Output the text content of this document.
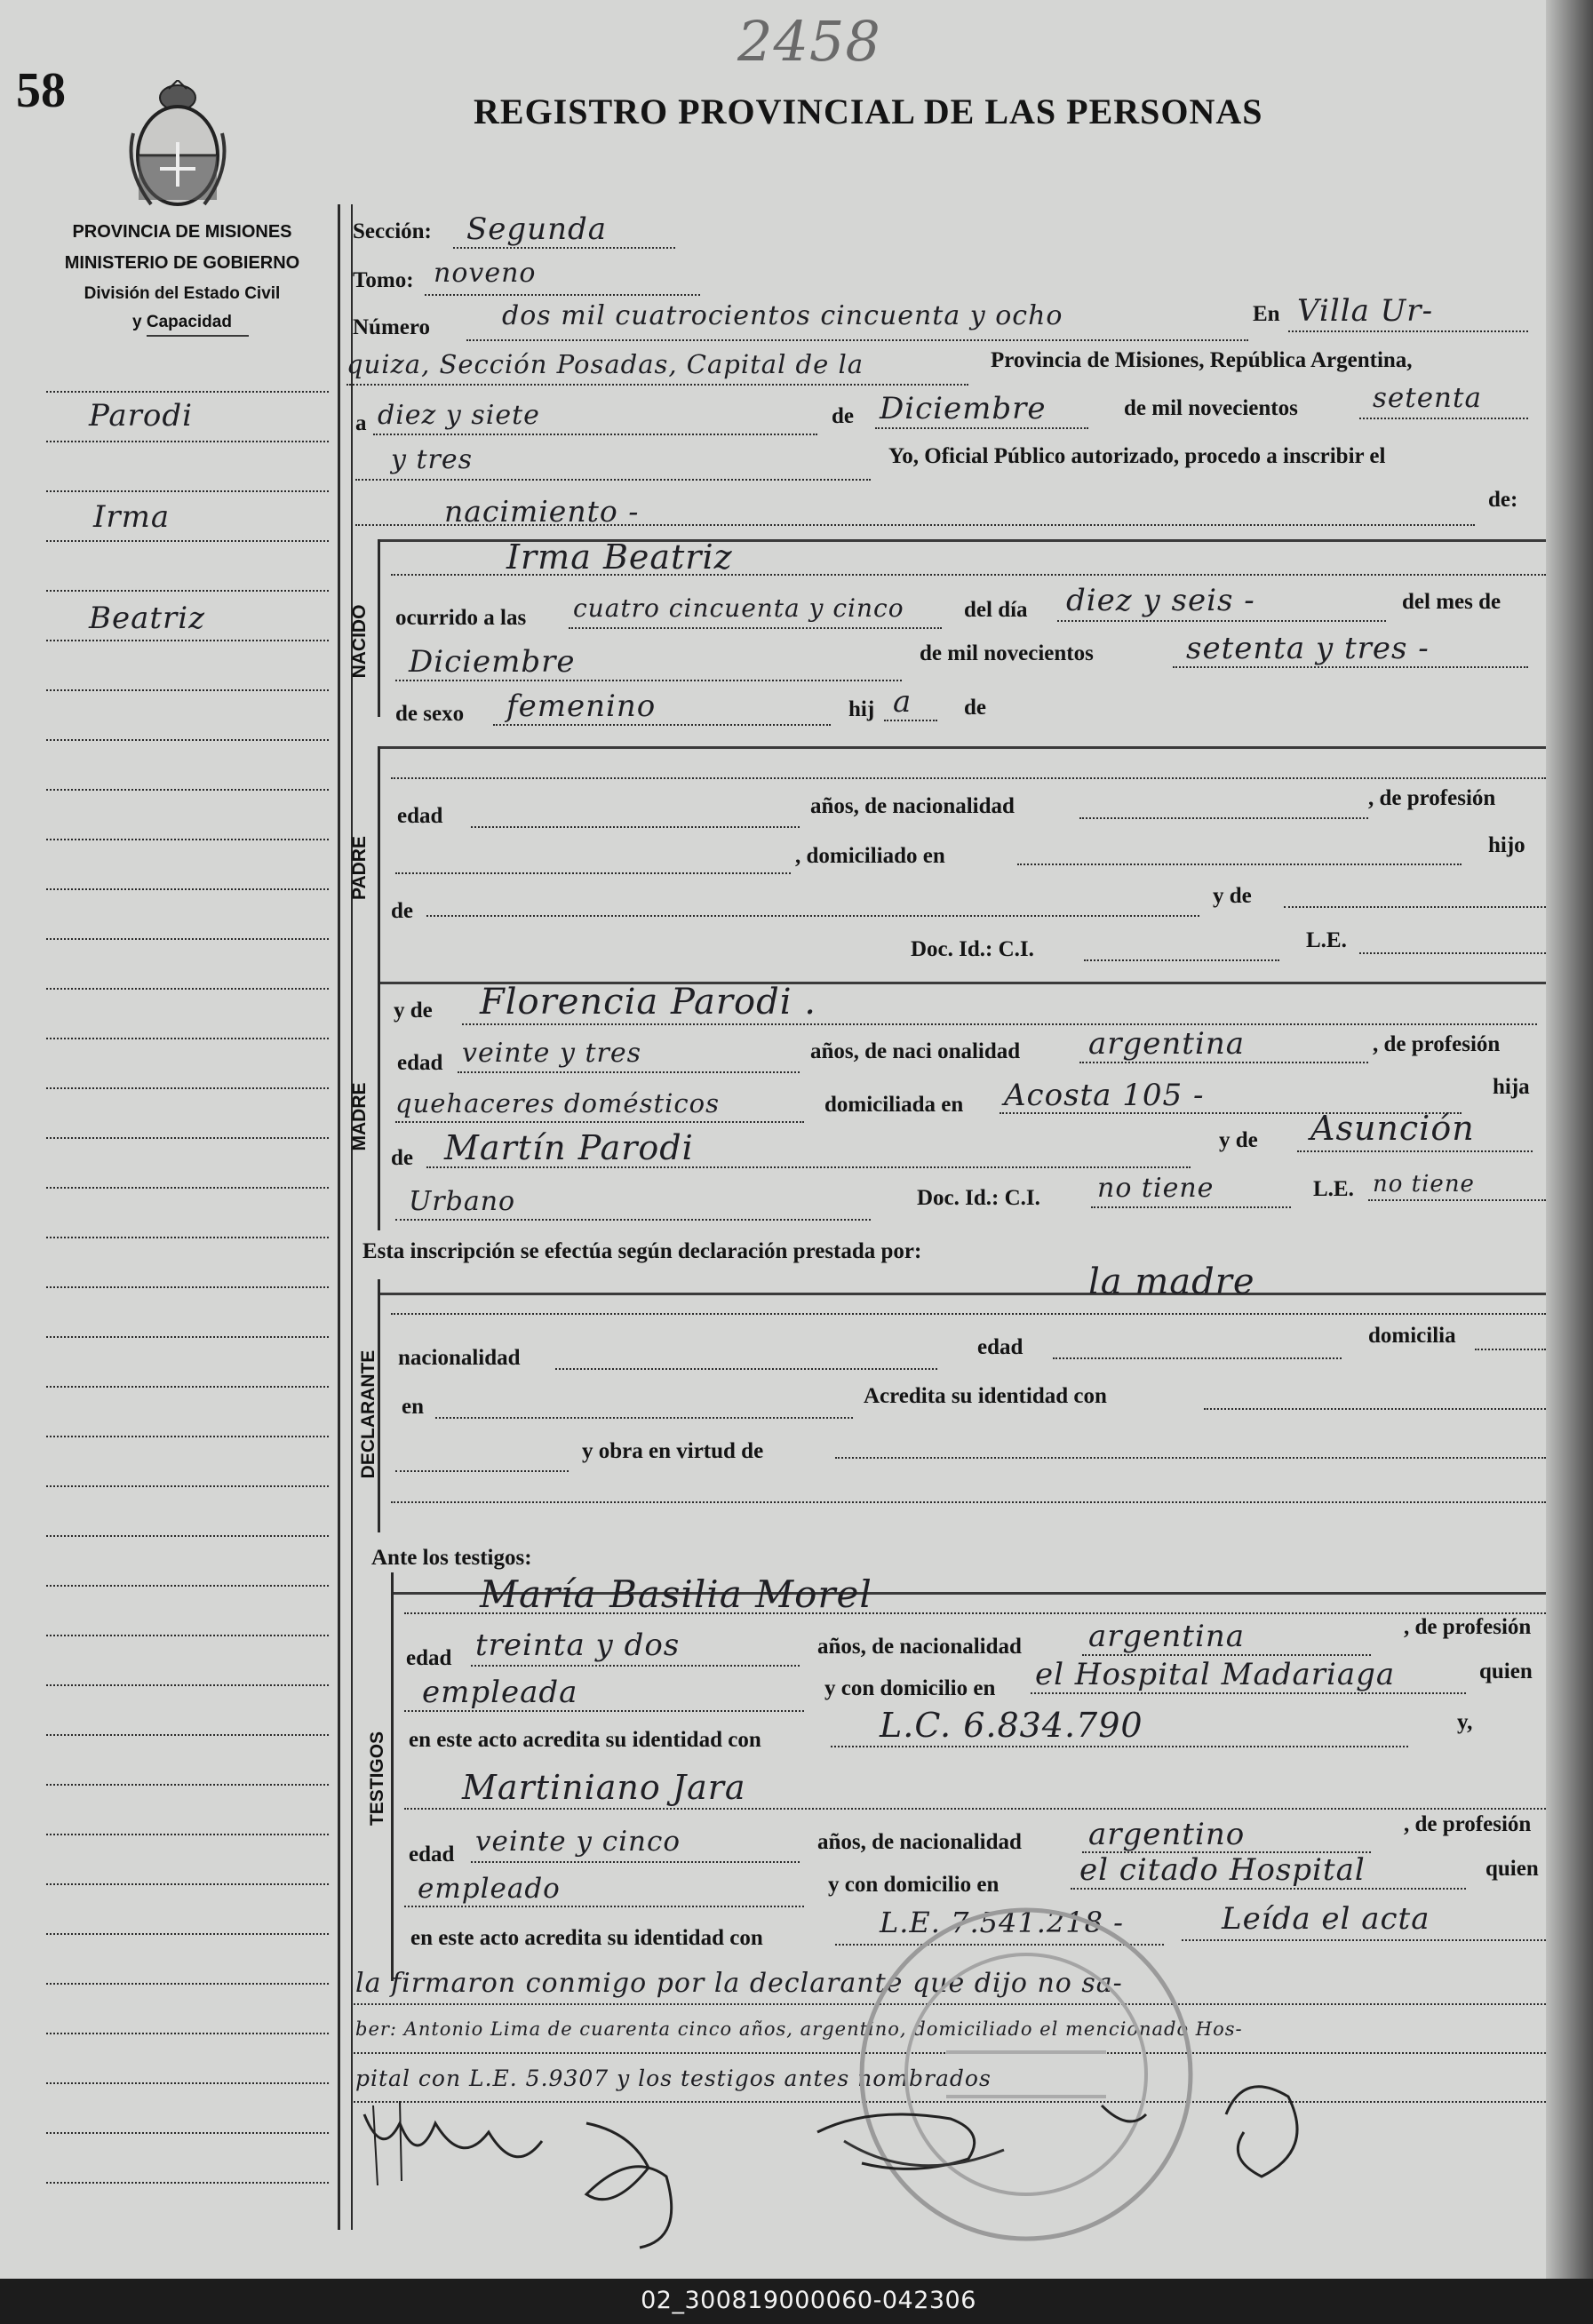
58
2458
REGISTRO PROVINCIAL DE LAS PERSONAS
PROVINCIA DE MISIONES
MINISTERIO DE GOBIERNO
División del Estado Civil
y Capacidad
Parodi
Irma
Beatriz
Sección: Segunda
Tomo: noveno
Número	dos mil cuatrocientos cincuenta y ocho	En Villa Ur-
quiza, Sección Posadas, Capital de la	Provincia de Misiones, República Argentina,
a diez y siete	de Diciembre	de mil novecientos	setenta
y tres	Yo, Oficial Público autorizado, procedo a inscribir el
nacimiento -	de:
NACIDO
Irma Beatriz
ocurrido a las cuatro cincuenta y cinco	del día diez y seis -	del mes de
Diciembre	de mil novecientos	setenta y tres -
de sexo femenino	hij a de
PADRE
edad	años, de nacionalidad	, de profesión
, domiciliado en	hijo
de
y de
Doc. Id.: C.I.	L.E.
MADRE
y de Florencia Parodi .
edad veinte y tres	años, de naci onalidad argentina	, de profesión
quehaceres domésticos	domiciliada en Acosta 105 -	hija
de Martín Parodi	y de Asunción
Urbano	Doc. Id.: C.I. no tiene	L.E. no tiene
Esta inscripción se efectúa según declaración prestada por:
DECLARANTE
la madre
nacionalidad	edad	domicilia
en	Acredita su identidad con
y obra en virtud de
Ante los testigos:
TESTIGOS
María Basilia Morel
edad treinta y dos	años, de nacionalidad argentina	, de profesión
empleada	y con domicilio en el Hospital Madariaga	quien
en este acto acredita su identidad con	L.C. 6.834.790	y,
Martiniano Jara
edad veinte y cinco	años, de nacionalidad argentino	, de profesión
empleado	y con domicilio en	el citado Hospital	quien
en este acto acredita su identidad con	L.E. 7.541.218 -	Leída el acta
la firmaron conmigo por la declarante que dijo no sa-
ber: Antonio Lima de cuarenta cinco años, argentino, domiciliado el mencionado Hos-
pital con L.E. 5.9307 y los testigos antes nombrados
02_300819000060-042306
